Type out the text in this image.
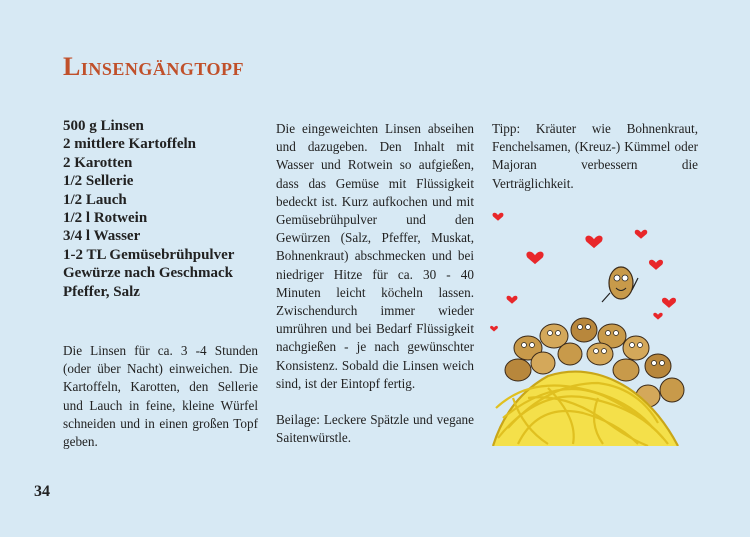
Linsengängtopf
500 g Linsen
2 mittlere Kartoffeln
2 Karotten
1/2 Sellerie
1/2 Lauch
1/2 l Rotwein
3/4 l Wasser
1-2 TL Gemüsebrühpulver
Gewürze nach Geschmack
Pfeffer, Salz

Die Linsen für ca. 3 -4 Stunden (oder über Nacht) einweichen. Die Kartoffeln, Karotten, den Sellerie und Lauch in feine, kleine Würfel schneiden und in einen großen Topf geben.

Die eingeweichten Linsen abseihen und dazugeben. Den Inhalt mit Wasser und Rotwein so aufgießen, dass das Gemüse mit Flüssigkeit bedeckt ist. Kurz aufkochen und mit Gemüsebrühpulver und den Gewürzen (Salz, Pfeffer, Muskat, Bohnenkraut) abschmecken und bei niedriger Hitze für ca. 30 - 40 Minuten leicht köcheln lassen. Zwischendurch immer wieder umrühren und bei Bedarf Flüssigkeit nachgießen - je nach gewünschter Konsistenz. Sobald die Linsen weich sind, ist der Eintopf fertig.

Beilage: Leckere Spätzle und vegane Saitenwürstle.

Tipp: Kräuter wie Bohnenkraut, Fenchelsamen, (Kreuz-) Kümmel oder Majoran verbessern die Verträglichkeit.

34
